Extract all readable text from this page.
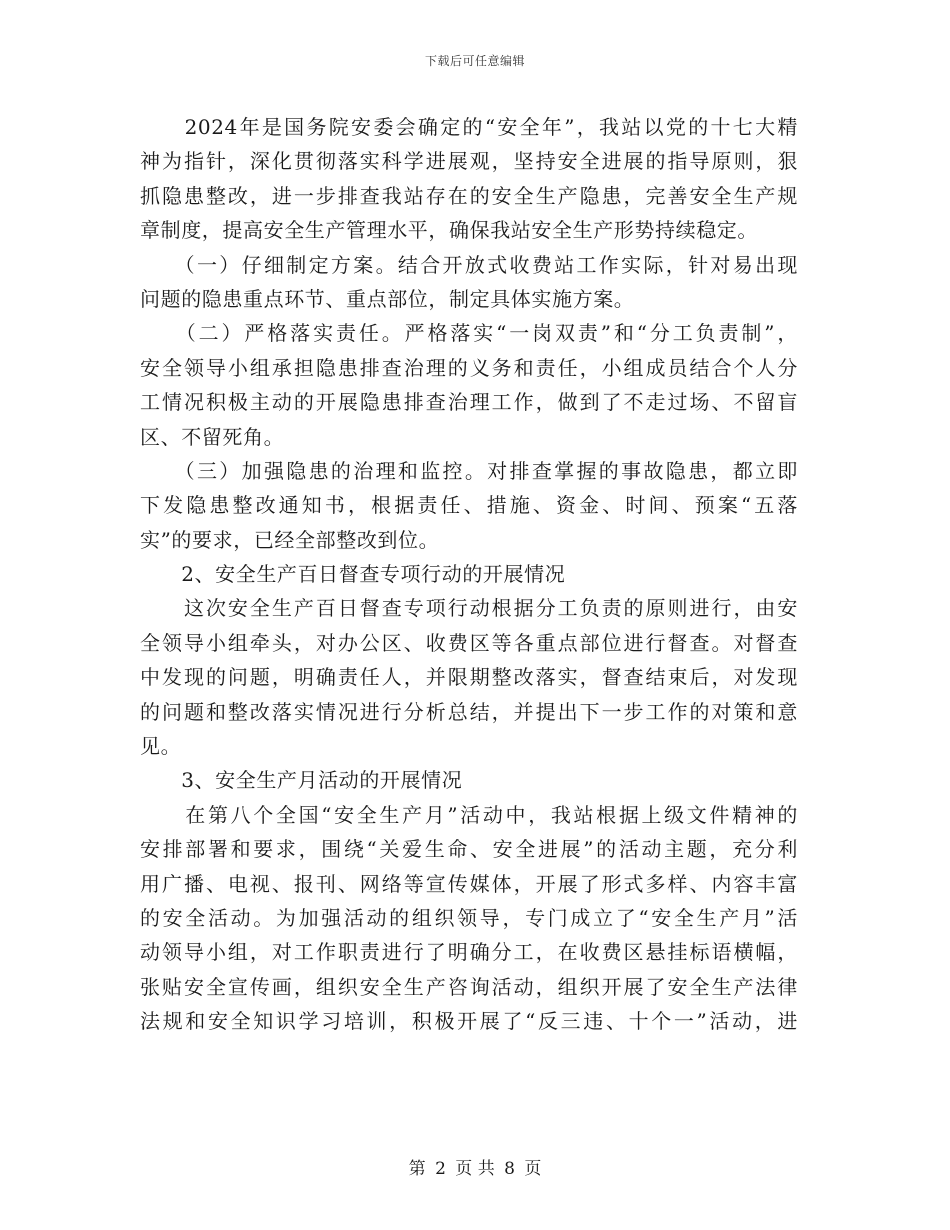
下载后可任意编辑
　　2024年是国务院安委会确定的“安全年”，我站以党的十七大精
神为指针，深化贯彻落实科学进展观，坚持安全进展的指导原则，狠
抓隐患整改，进一步排查我站存在的安全生产隐患，完善安全生产规
章制度，提高安全生产管理水平，确保我站安全生产形势持续稳定。
　　（一）仔细制定方案。结合开放式收费站工作实际，针对易出现
问题的隐患重点环节、重点部位，制定具体实施方案。
　　（二）严格落实责任。严格落实“一岗双责”和“分工负责制”，
安全领导小组承担隐患排查治理的义务和责任，小组成员结合个人分
工情况积极主动的开展隐患排查治理工作，做到了不走过场、不留盲
区、不留死角。
　　（三）加强隐患的治理和监控。对排查掌握的事故隐患，都立即
下发隐患整改通知书，根据责任、措施、资金、时间、预案“五落
实”的要求，已经全部整改到位。
　　2、安全生产百日督查专项行动的开展情况
　　这次安全生产百日督查专项行动根据分工负责的原则进行，由安
全领导小组牵头，对办公区、收费区等各重点部位进行督查。对督查
中发现的问题，明确责任人，并限期整改落实，督查结束后，对发现
的问题和整改落实情况进行分析总结，并提出下一步工作的对策和意
见。
　　3、安全生产月活动的开展情况
　　在第八个全国“安全生产月”活动中，我站根据上级文件精神的
安排部署和要求，围绕“关爱生命、安全进展”的活动主题，充分利
用广播、电视、报刊、网络等宣传媒体，开展了形式多样、内容丰富
的安全活动。为加强活动的组织领导，专门成立了“安全生产月”活
动领导小组，对工作职责进行了明确分工，在收费区悬挂标语横幅，
张贴安全宣传画，组织安全生产咨询活动，组织开展了安全生产法律
法规和安全知识学习培训，积极开展了“反三违、十个一”活动，进
第 2 页 共 8 页
